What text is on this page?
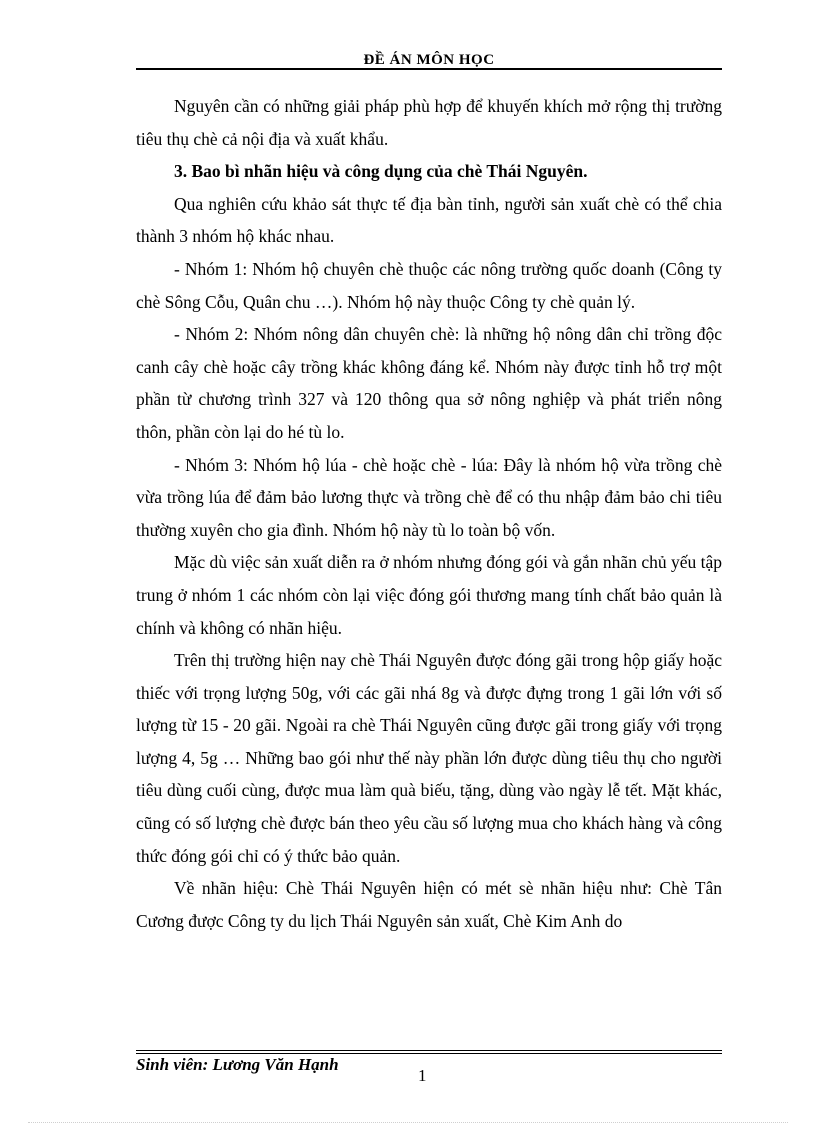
ĐỀ ÁN MÔN HỌC

Nguyên cần có những giải pháp phù hợp để khuyến khích mở rộng thị trường tiêu thụ chè cả nội địa và xuất khẩu.

3. Bao bì nhãn hiệu và công dụng của chè Thái Nguyên.

Qua nghiên cứu khảo sát thực tế địa bàn tỉnh, người sản xuất chè có thể chia thành 3 nhóm hộ khác nhau.

- Nhóm 1: Nhóm hộ chuyên chè thuộc các nông trường quốc doanh (Công ty chè Sông Cỗu, Quân chu …). Nhóm hộ này thuộc Công ty chè quản lý.

- Nhóm 2: Nhóm nông dân chuyên chè: là những hộ nông dân chỉ trồng độc canh cây chè hoặc cây trồng khác không đáng kể. Nhóm này được tỉnh hỗ trợ một phần từ chương trình 327 và 120 thông qua sở nông nghiệp và phát triển nông thôn, phần còn lại do hé tù lo.

- Nhóm 3: Nhóm hộ lúa - chè hoặc chè - lúa: Đây là nhóm hộ vừa trồng chè vừa trồng lúa để đảm bảo lương thực và trồng chè để có thu nhập đảm bảo chi tiêu thường xuyên cho gia đình. Nhóm hộ này tù lo toàn bộ vốn.

Mặc dù việc sản xuất diễn ra ở nhóm nhưng đóng gói và gắn nhãn chủ yếu tập trung ở nhóm 1 các nhóm còn lại việc đóng gói thương mang tính chất bảo quản là chính và không có nhãn hiệu.

Trên thị trường hiện nay chè Thái Nguyên được đóng gãi trong hộp giấy hoặc thiếc với trọng lượng 50g, với các gãi nhá 8g và được đựng trong 1 gãi lớn với số lượng từ 15 - 20 gãi. Ngoài ra chè Thái Nguyên cũng được gãi trong giấy với trọng lượng 4, 5g … Những bao gói như thế này phần lớn được dùng tiêu thụ cho người tiêu dùng cuối cùng, được mua làm quà biếu, tặng, dùng vào ngày lễ tết. Mặt khác, cũng có số lượng chè được bán theo yêu cầu số lượng mua cho khách hàng và công thức đóng gói chỉ có ý thức bảo quản.

Về nhãn hiệu: Chè Thái Nguyên hiện có mét sè nhãn hiệu như: Chè Tân Cương được Công ty du lịch Thái Nguyên sản xuất, Chè Kim Anh do

Sinh viên: Lương Văn Hạnh
1
